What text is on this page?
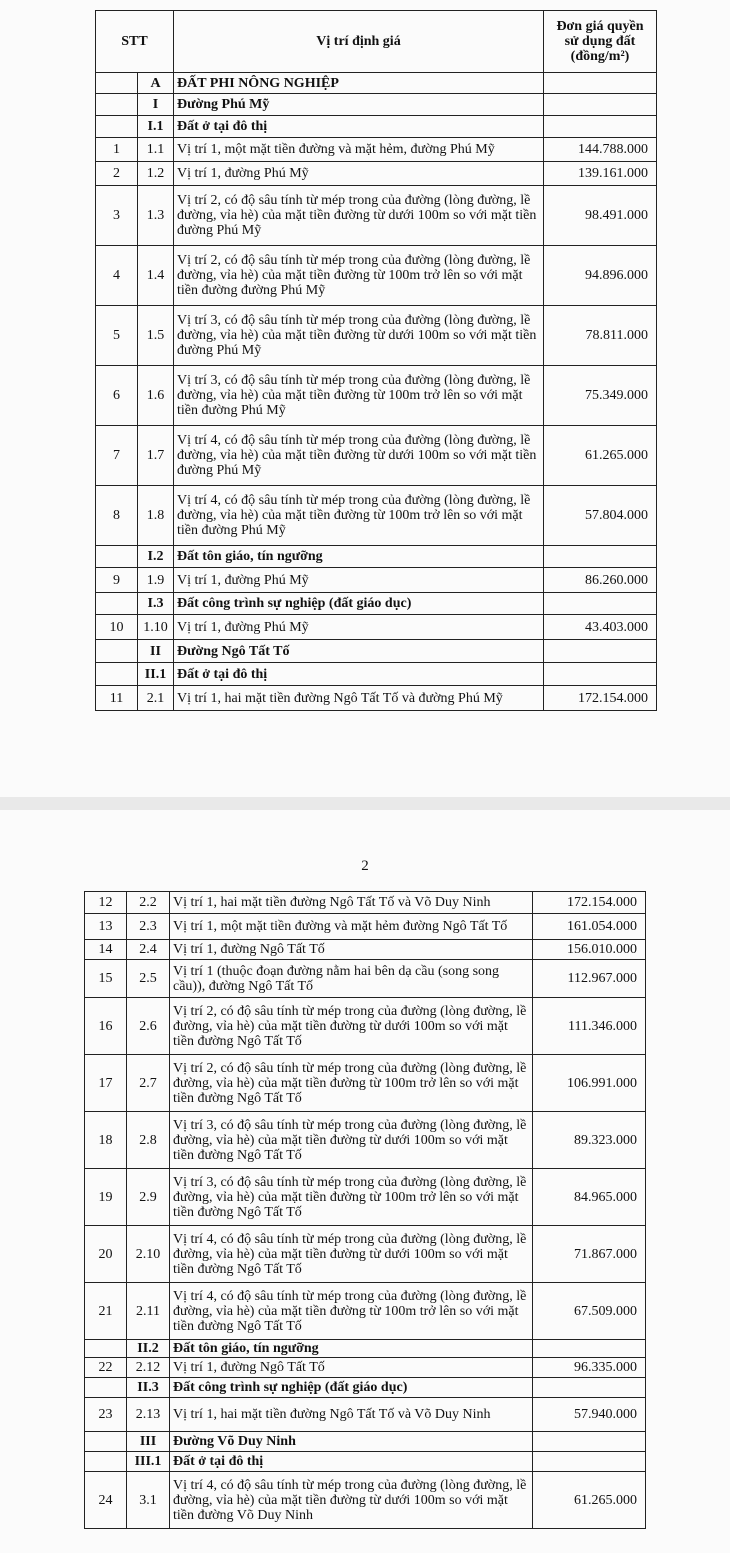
STT		Vị trí định giá	Đơn giá quyền
sử dụng đất
(đồng/m²)

	A	ĐẤT PHI NÔNG NGHIỆP	
	I	Đường Phú Mỹ	
	I.1	Đất ở tại đô thị	
1	1.1	Vị trí 1, một mặt tiền đường và mặt hẻm, đường Phú Mỹ	144.788.000
2	1.2	Vị trí 1, đường Phú Mỹ	139.161.000
3	1.3	Vị trí 2, có độ sâu tính từ mép trong của đường (lòng đường, lề đường, vỉa hè) của mặt tiền đường từ dưới 100m so với mặt tiền đường Phú Mỹ	98.491.000
4	1.4	Vị trí 2, có độ sâu tính từ mép trong của đường (lòng đường, lề đường, vỉa hè) của mặt tiền đường từ 100m trở lên so với mặt tiền đường đường Phú Mỹ	94.896.000
5	1.5	Vị trí 3, có độ sâu tính từ mép trong của đường (lòng đường, lề đường, vỉa hè) của mặt tiền đường từ dưới 100m so với mặt tiền đường Phú Mỹ	78.811.000
6	1.6	Vị trí 3, có độ sâu tính từ mép trong của đường (lòng đường, lề đường, vỉa hè) của mặt tiền đường từ 100m trở lên so với mặt tiền đường Phú Mỹ	75.349.000
7	1.7	Vị trí 4, có độ sâu tính từ mép trong của đường (lòng đường, lề đường, vỉa hè) của mặt tiền đường từ dưới 100m so với mặt tiền đường Phú Mỹ	61.265.000
8	1.8	Vị trí 4, có độ sâu tính từ mép trong của đường (lòng đường, lề đường, vỉa hè) của mặt tiền đường từ 100m trở lên so với mặt tiền đường Phú Mỹ	57.804.000
	I.2	Đất tôn giáo, tín ngưỡng	
9	1.9	Vị trí 1, đường Phú Mỹ	86.260.000
	I.3	Đất công trình sự nghiệp (đất giáo dục)	
10	1.10	Vị trí 1, đường Phú Mỹ	43.403.000
	II	Đường Ngô Tất Tố	
	II.1	Đất ở tại đô thị	
11	2.1	Vị trí 1, hai mặt tiền đường Ngô Tất Tố và đường Phú Mỹ	172.154.000
2
12	2.2	Vị trí 1, hai mặt tiền đường Ngô Tất Tố và Võ Duy Ninh	172.154.000
13	2.3	Vị trí 1, một mặt tiền đường và mặt hẻm đường Ngô Tất Tố	161.054.000
14	2.4	Vị trí 1, đường Ngô Tất Tố	156.010.000
15	2.5	Vị trí 1 (thuộc đoạn đường nằm hai bên dạ cầu (song song cầu)), đường Ngô Tất Tố	112.967.000
16	2.6	Vị trí 2, có độ sâu tính từ mép trong của đường (lòng đường, lề đường, vỉa hè) của mặt tiền đường từ dưới 100m so với mặt tiền đường Ngô Tất Tố	111.346.000
17	2.7	Vị trí 2, có độ sâu tính từ mép trong của đường (lòng đường, lề đường, vỉa hè) của mặt tiền đường từ 100m trở lên so với mặt tiền đường Ngô Tất Tố	106.991.000
18	2.8	Vị trí 3, có độ sâu tính từ mép trong của đường (lòng đường, lề đường, vỉa hè) của mặt tiền đường từ dưới 100m so với mặt tiền đường Ngô Tất Tố	89.323.000
19	2.9	Vị trí 3, có độ sâu tính từ mép trong của đường (lòng đường, lề đường, vỉa hè) của mặt tiền đường từ 100m trở lên so với mặt tiền đường Ngô Tất Tố	84.965.000
20	2.10	Vị trí 4, có độ sâu tính từ mép trong của đường (lòng đường, lề đường, vỉa hè) của mặt tiền đường từ dưới 100m so với mặt tiền đường Ngô Tất Tố	71.867.000
21	2.11	Vị trí 4, có độ sâu tính từ mép trong của đường (lòng đường, lề đường, vỉa hè) của mặt tiền đường từ 100m trở lên so với mặt tiền đường Ngô Tất Tố	67.509.000
	II.2	Đất tôn giáo, tín ngưỡng	
22	2.12	Vị trí 1, đường Ngô Tất Tố	96.335.000
	II.3	Đất công trình sự nghiệp (đất giáo dục)	
23	2.13	Vị trí 1, hai mặt tiền đường Ngô Tất Tố và Võ Duy Ninh	57.940.000
	III	Đường Võ Duy Ninh	
	III.1	Đất ở tại đô thị	
24	3.1	Vị trí 4, có độ sâu tính từ mép trong của đường (lòng đường, lề đường, vỉa hè) của mặt tiền đường từ dưới 100m so với mặt tiền đường Võ Duy Ninh	61.265.000
